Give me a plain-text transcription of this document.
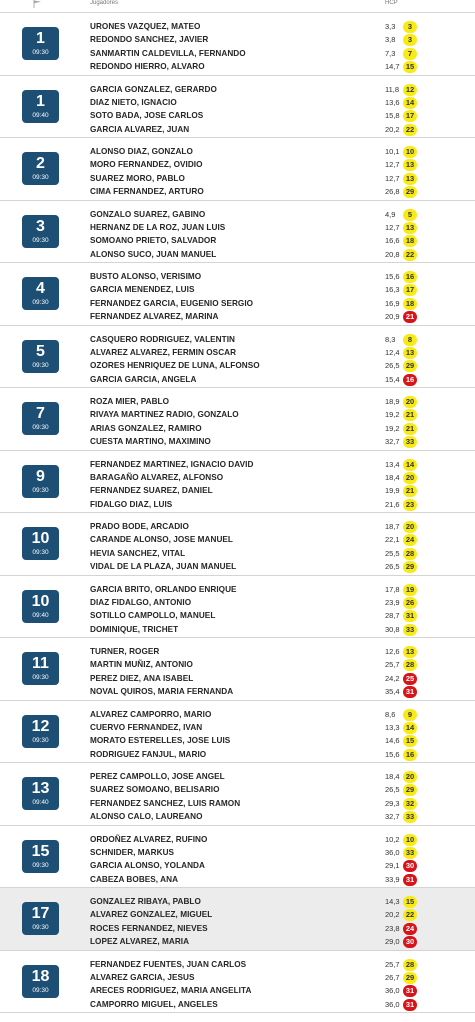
Jugadores	HCP
1
09:30
URONES VAZQUEZ, MATEO	3,3	3
REDONDO SANCHEZ, JAVIER	3,8	3
SANMARTIN CALDEVILLA, FERNANDO	7,3	7
REDONDO HIERRO, ALVARO	14,7 15
1
09:40
GARCIA GONZALEZ, GERARDO	11,8 12
DIAZ NIETO, IGNACIO	13,6 14
SOTO BADA, JOSE CARLOS	15,8 17
GARCIA ALVAREZ, JUAN	20,2 22
2
09:30
ALONSO DIAZ, GONZALO	10,1 10
MORO FERNANDEZ, OVIDIO	12,7 13
SUAREZ MORO, PABLO	12,7 13
CIMA FERNANDEZ, ARTURO	26,8 29
3
09:30
GONZALO SUAREZ, GABINO	4,9	5
HERNANZ DE LA ROZ, JUAN LUIS	12,7 13
SOMOANO PRIETO, SALVADOR	16,6 18
ALONSO SUCO, JUAN MANUEL	20,8 22
4
09:30
BUSTO ALONSO, VERISIMO	15,6 16
GARCIA MENENDEZ, LUIS	16,3 17
FERNANDEZ GARCIA, EUGENIO SERGIO	16,9 18
FERNANDEZ ALVAREZ, MARINA	20,9 21
5
09:30
CASQUERO RODRIGUEZ, VALENTIN	8,3	8
ALVAREZ ALVAREZ, FERMIN OSCAR	12,4 13
OZORES HENRIQUEZ DE LUNA, ALFONSO	26,5 29
GARCIA GARCIA, ANGELA	15,4 16
7
09:30
ROZA MIER, PABLO	18,9 20
RIVAYA MARTINEZ RADIO, GONZALO	19,2 21
ARIAS GONZALEZ, RAMIRO	19,2 21
CUESTA MARTINO, MAXIMINO	32,7 33
9
09:30
FERNANDEZ MARTINEZ, IGNACIO DAVID	13,4 14
BARAGAÑO ALVAREZ, ALFONSO	18,4 20
FERNANDEZ SUAREZ, DANIEL	19,9 21
FIDALGO DIAZ, LUIS	21,6 23
10
09:30
PRADO BODE, ARCADIO	18,7 20
CARANDE ALONSO, JOSE MANUEL	22,1 24
HEVIA SANCHEZ, VITAL	25,5 28
VIDAL DE LA PLAZA, JUAN MANUEL	26,5 29
10
09:40
GARCIA BRITO, ORLANDO ENRIQUE	17,8 19
DIAZ FIDALGO, ANTONIO	23,9 26
SOTILLO CAMPOLLO, MANUEL	28,7 31
DOMINIQUE, TRICHET	30,8 33
11
09:30
TURNER, ROGER	12,6 13
MARTIN MUÑIZ, ANTONIO	25,7 28
PEREZ DIEZ, ANA ISABEL	24,2 25
NOVAL QUIROS, MARIA FERNANDA	35,4 31
12
09:30
ALVAREZ CAMPORRO, MARIO	8,6	9
CUERVO FERNANDEZ, IVAN	13,3 14
MORATO ESTERELLES, JOSE LUIS	14,6 15
RODRIGUEZ FANJUL, MARIO	15,6 16
13
09:40
PEREZ CAMPOLLO, JOSE ANGEL	18,4 20
SUAREZ SOMOANO, BELISARIO	26,5 29
FERNANDEZ SANCHEZ, LUIS RAMON	29,3 32
ALONSO CALO, LAUREANO	32,7 33
15
09:30
ORDOÑEZ ALVAREZ, RUFINO	10,2 10
SCHNIDER, MARKUS	36,0 33
GARCIA ALONSO, YOLANDA	29,1 30
CABEZA BOBES, ANA	33,9 31
17
09:30
GONZALEZ RIBAYA, PABLO	14,3 15
ALVAREZ GONZALEZ, MIGUEL	20,2 22
ROCES FERNANDEZ, NIEVES	23,8 24
LOPEZ ALVAREZ, MARIA	29,0 30
18
09:30
FERNANDEZ FUENTES, JUAN CARLOS	25,7 28
ALVAREZ GARCIA, JESUS	26,7 29
ARECES RODRIGUEZ, MARIA ANGELITA	36,0 31
CAMPORRO MIGUEL, ANGELES	36,0 31
